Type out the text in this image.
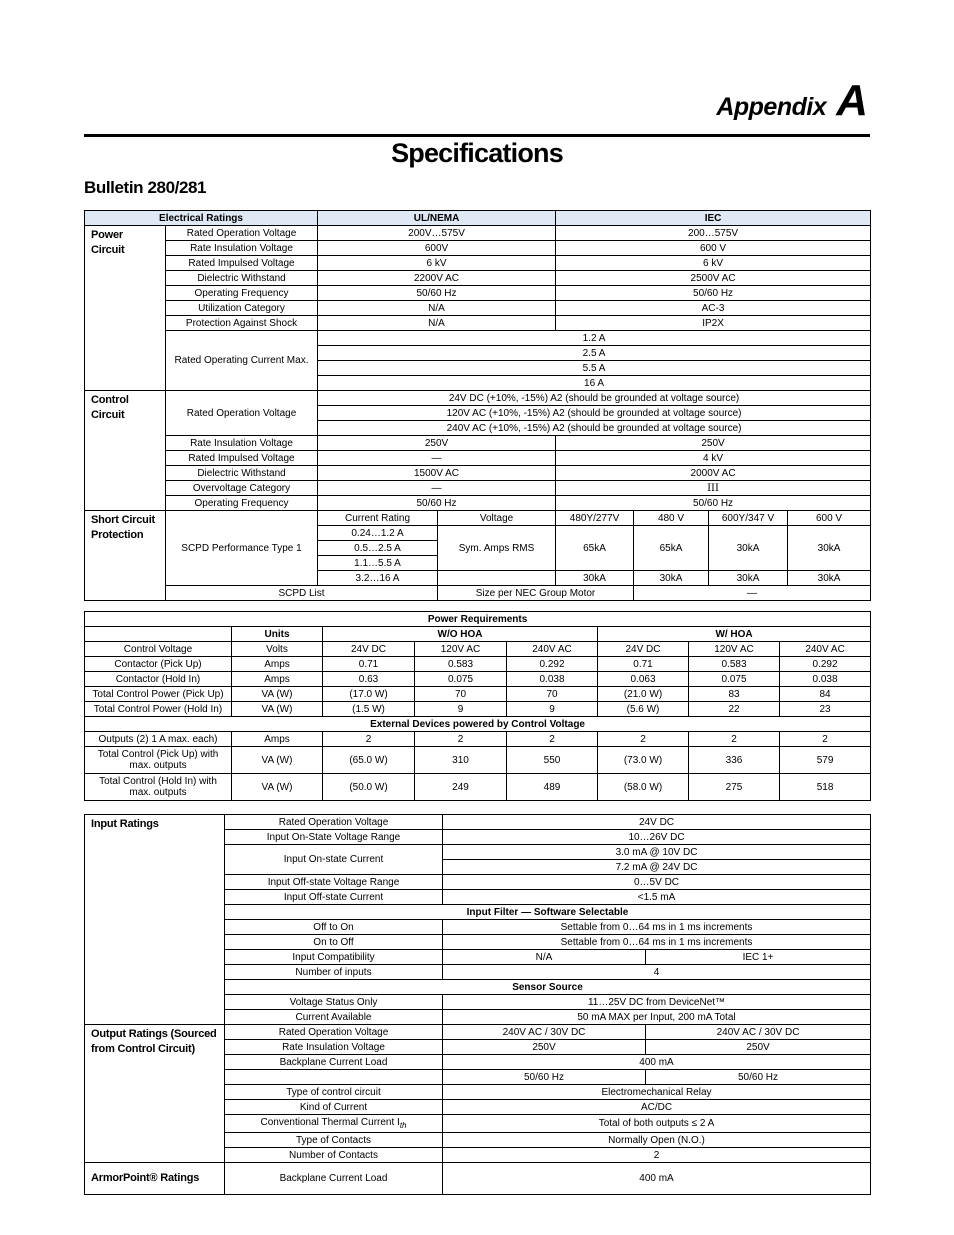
Appendix A
Specifications
Bulletin 280/281
Electrical Ratings		UL/NEMA		IEC			
Power Circuit	Rated Operation Voltage	200V…575V		200…575V			
	Rate Insulation Voltage	600V		600 V			
	Rated Impulsed Voltage	6 kV		6 kV			
	Dielectric Withstand	2200V AC		2500V AC			
	Operating Frequency	50/60 Hz		50/60 Hz			
	Utilization Category	N/A		AC-3			
	Protection Against Shock	N/A		IP2X			
	Rated Operating Current Max.	1.2 A					
		2.5 A					
		5.5 A					
		16 A					
Control Circuit	Rated Operation Voltage	24V DC (+10%, -15%) A2 (should be grounded at voltage source)					
		120V AC (+10%, -15%) A2 (should be grounded at voltage source)					
		240V AC (+10%, -15%) A2 (should be grounded at voltage source)					
	Rate Insulation Voltage	250V		250V			
	Rated Impulsed Voltage	—		4 kV			
	Dielectric Withstand	1500V AC		2000V AC			
	Overvoltage Category	—		III			
	Operating Frequency	50/60 Hz		50/60 Hz			
Short Circuit Protection	SCPD Performance Type 1	Current Rating	Voltage	480Y/277V	480 V	600Y/347 V	600 V
		0.24…1.2 A	Sym. Amps RMS	65kA	65kA	30kA	30kA
		0.5…2.5 A					
		1.1…5.5 A					
		3.2…16 A		30kA	30kA	30kA	30kA
	SCPD List		Size per NEC Group Motor		—		
Power Requirements							
	Units	W/O HOA			W/ HOA		
Control Voltage	Volts	24V DC	120V AC	240V AC	24V DC	120V AC	240V AC
Contactor (Pick Up)	Amps	0.71	0.583	0.292	0.71	0.583	0.292
Contactor (Hold In)	Amps	0.63	0.075	0.038	0.063	0.075	0.038
Total Control Power (Pick Up)	VA (W)	(17.0 W)	70	70	(21.0 W)	83	84
Total Control Power (Hold In)	VA (W)	(1.5 W)	9	9	(5.6 W)	22	23
External Devices powered by Control Voltage							
Outputs (2) 1 A max. each)	Amps	2	2	2	2	2	2
Total Control (Pick Up) with max. outputs	VA (W)	(65.0 W)	310	550	(73.0 W)	336	579
Total Control (Hold In) with max. outputs	VA (W)	(50.0 W)	249	489	(58.0 W)	275	518
Input Ratings	Rated Operation Voltage	24V DC	
	Input On-State Voltage Range	10…26V DC	
	Input On-state Current	3.0 mA @ 10V DC	
		7.2 mA @ 24V DC	
	Input Off-state Voltage Range	0…5V DC	
	Input Off-state Current	<1.5 mA	
	Input Filter — Software Selectable		
	Off to On	Settable from 0…64 ms in 1 ms increments	
	On to Off	Settable from 0…64 ms in 1 ms increments	
	Input Compatibility	N/A	IEC 1+
	Number of inputs	4	
	Sensor Source		
	Voltage Status Only	11…25V DC from DeviceNet™	
	Current Available	50 mA MAX per Input, 200 mA Total	
Output Ratings (Sourced from Control Circuit)	Rated Operation Voltage	240V AC / 30V DC	240V AC / 30V DC
	Rate Insulation Voltage	250V	250V
	Backplane Current Load	400 mA	
		50/60 Hz	50/60 Hz
	Type of control circuit	Electromechanical Relay	
	Kind of Current	AC/DC	
	Conventional Thermal Current $I_{th}$	Total of both outputs ≤ 2 A	
	Type of Contacts	Normally Open (N.O.)	
	Number of Contacts	2	
ArmorPoint® Ratings	Backplane Current Load	400 mA	
